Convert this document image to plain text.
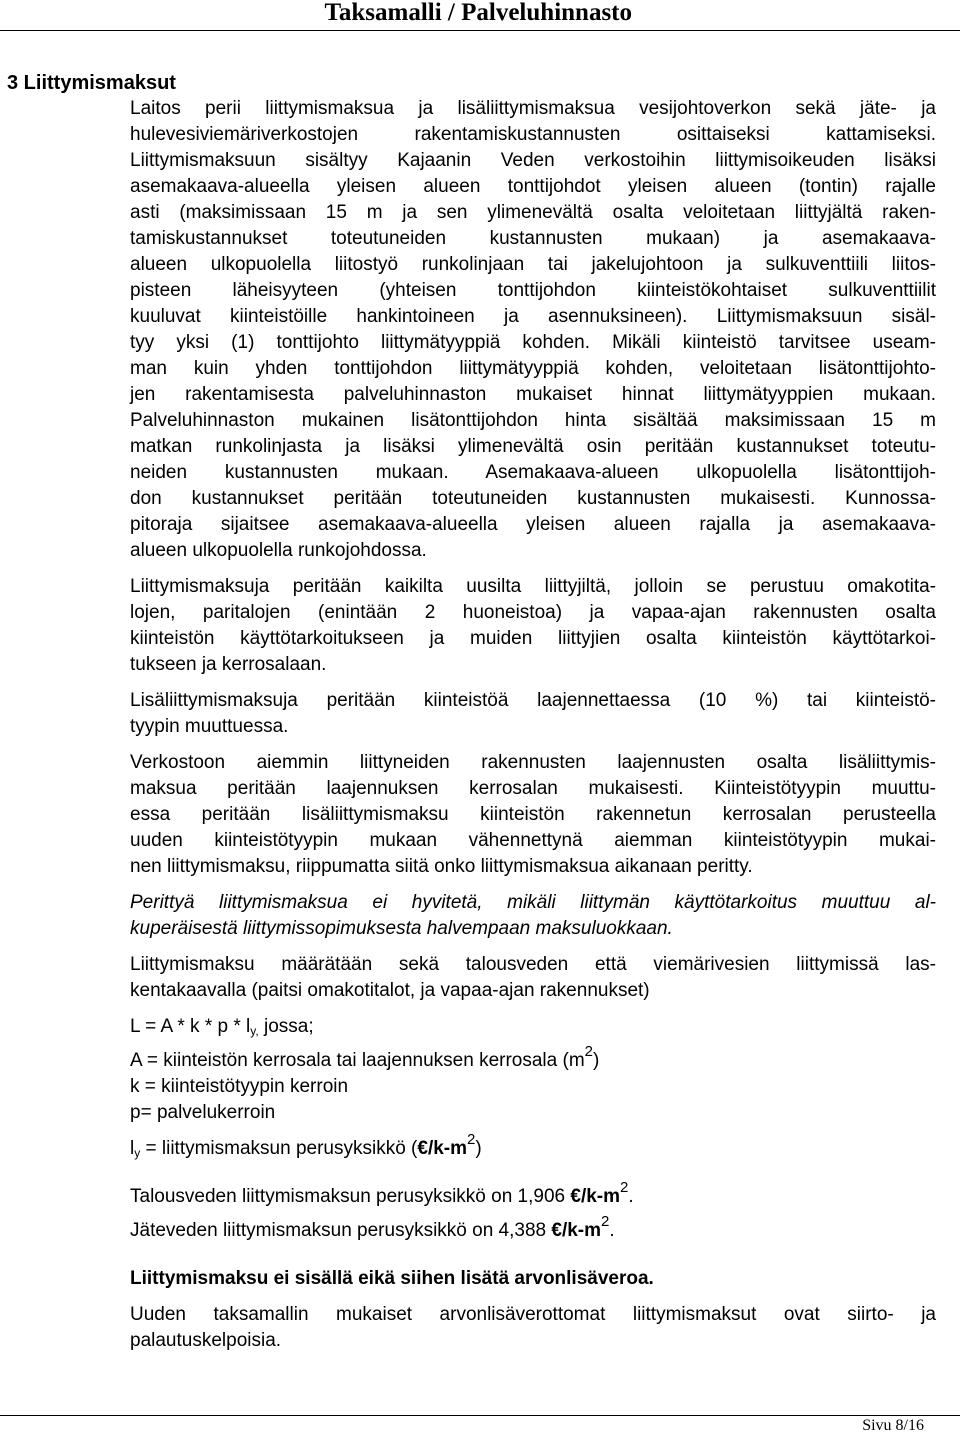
Taksamalli / Palveluhinnasto
3 Liittymismaksut
Laitos perii liittymismaksua ja lisäliittymismaksua vesijohtoverkon sekä jäte- ja
hulevesiviemäriverkostojen rakentamiskustannusten osittaiseksi kattamiseksi.
Liittymismaksuun sisältyy Kajaanin Veden verkostoihin liittymisoikeuden lisäksi
asemakaava-alueella yleisen alueen tonttijohdot yleisen alueen (tontin) rajalle
asti (maksimissaan 15 m ja sen ylimenevältä osalta veloitetaan liittyjältä raken-
tamiskustannukset toteutuneiden kustannusten mukaan) ja asemakaava-
alueen ulkopuolella liitostyö runkolinjaan tai jakelujohtoon ja sulkuventtiili liitos-
pisteen läheisyyteen (yhteisen tonttijohdon kiinteistökohtaiset sulkuventtiilit
kuuluvat kiinteistöille hankintoineen ja asennuksineen). Liittymismaksuun sisäl-
tyy yksi (1) tonttijohto liittymätyyppiä kohden. Mikäli kiinteistö tarvitsee useam-
man kuin yhden tonttijohdon liittymätyyppiä kohden, veloitetaan lisätonttijohto-
jen rakentamisesta palveluhinnaston mukaiset hinnat liittymätyyppien mukaan.
Palveluhinnaston mukainen lisätonttijohdon hinta sisältää maksimissaan 15 m
matkan runkolinjasta ja lisäksi ylimenevältä osin peritään kustannukset toteutu-
neiden kustannusten mukaan. Asemakaava-alueen ulkopuolella lisätonttijoh-
don kustannukset peritään toteutuneiden kustannusten mukaisesti. Kunnossa-
pitoraja sijaitsee asemakaava-alueella yleisen alueen rajalla ja asemakaava-
alueen ulkopuolella runkojohdossa.
Liittymismaksuja peritään kaikilta uusilta liittyjiltä, jolloin se perustuu omakotita-
lojen, paritalojen (enintään 2 huoneistoa) ja vapaa-ajan rakennusten osalta
kiinteistön käyttötarkoitukseen ja muiden liittyjien osalta kiinteistön käyttötarkoi-
tukseen ja kerrosalaan.
Lisäliittymismaksuja peritään kiinteistöä laajennettaessa (10 %) tai kiinteistö-
tyypin muuttuessa.
Verkostoon aiemmin liittyneiden rakennusten laajennusten osalta lisäliittymis-
maksua peritään laajennuksen kerrosalan mukaisesti. Kiinteistötyypin muuttu-
essa peritään lisäliittymismaksu kiinteistön rakennetun kerrosalan perusteella
uuden kiinteistötyypin mukaan vähennettynä aiemman kiinteistötyypin mukai-
nen liittymismaksu, riippumatta siitä onko liittymismaksua aikanaan peritty.
Perittyä liittymismaksua ei hyvitetä, mikäli liittymän käyttötarkoitus muuttuu al-
kuperäisestä liittymissopimuksesta halvempaan maksuluokkaan.
Liittymismaksu määrätään sekä talousveden että viemärivesien liittymissä las-
kentakaavalla (paitsi omakotitalot, ja vapaa-ajan rakennukset)
$L = A * k * p * l_{y,}$ jossa;
A = kiinteistön kerrosala tai laajennuksen kerrosala $(m^2)$
k = kiinteistötyypin kerroin
p= palvelukerroin
$l_y$ = liittymismaksun perusyksikkö $(€/k-m^2)$
Talousveden liittymismaksun perusyksikkö on 1,906 $€/k-m^2$.
Jäteveden liittymismaksun perusyksikkö on 4,388 $€/k-m^2$.
Liittymismaksu ei sisällä eikä siihen lisätä arvonlisäveroa.
Uuden taksamallin mukaiset arvonlisäverottomat liittymismaksut ovat siirto- ja
palautuskelpoisia.
Sivu 8/16
